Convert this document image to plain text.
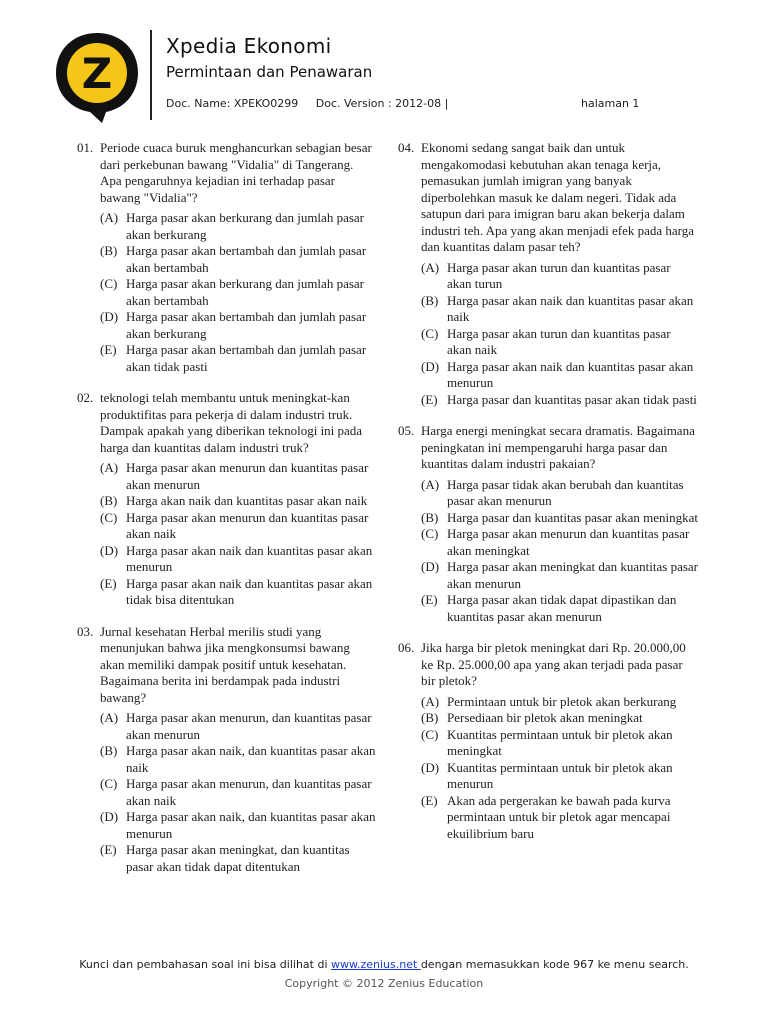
Z
Xpedia Ekonomi
Permintaan dan Penawaran
Doc. Name: XPEKO0299 Doc. Version : 2012-08 |	halaman 1
01. Periode cuaca buruk menghancurkan sebagian besar dari perkebunan bawang "Vidalia" di Tangerang. Apa pengaruhnya kejadian ini terhadap pasar bawang "Vidalia"?
(A) Harga pasar akan berkurang dan jumlah pasar akan berkurang
(B) Harga pasar akan bertambah dan jumlah pasar akan bertambah
(C) Harga pasar akan berkurang dan jumlah pasar akan bertambah
(D) Harga pasar akan bertambah dan jumlah pasar akan berkurang
(E) Harga pasar akan bertambah dan jumlah pasar akan tidak pasti
02. teknologi telah membantu untuk meningkat-kan produktifitas para pekerja di dalam industri truk. Dampak apakah yang diberikan teknologi ini pada harga dan kuantitas dalam industri truk?
(A) Harga pasar akan menurun dan kuantitas pasar akan menurun
(B) Harga akan naik dan kuantitas pasar akan naik
(C) Harga pasar akan menurun dan kuantitas pasar akan naik
(D) Harga pasar akan naik dan kuantitas pasar akan menurun
(E) Harga pasar akan naik dan kuantitas pasar akan tidak bisa ditentukan
03. Jurnal kesehatan Herbal merilis studi yang menunjukan bahwa jika mengkonsumsi bawang akan memiliki dampak positif untuk kesehatan. Bagaimana berita ini berdampak pada industri bawang?
(A) Harga pasar akan menurun, dan kuantitas pasar akan menurun
(B) Harga pasar akan naik, dan kuantitas pasar akan naik
(C) Harga pasar akan menurun, dan kuantitas pasar akan naik
(D) Harga pasar akan naik, dan kuantitas pasar akan menurun
(E) Harga pasar akan meningkat, dan kuantitas pasar akan tidak dapat ditentukan
04. Ekonomi sedang sangat baik dan untuk mengakomodasi kebutuhan akan tenaga kerja, pemasukan jumlah imigran yang banyak diperbolehkan masuk ke dalam negeri. Tidak ada satupun dari para imigran baru akan bekerja dalam industri teh. Apa yang akan menjadi efek pada harga dan kuantitas dalam pasar teh?
(A) Harga pasar akan turun dan kuantitas pasar akan turun
(B) Harga pasar akan naik dan kuantitas pasar akan naik
(C) Harga pasar akan turun dan kuantitas pasar akan naik
(D) Harga pasar akan naik dan kuantitas pasar akan menurun
(E) Harga pasar dan kuantitas pasar akan tidak pasti
05. Harga energi meningkat secara dramatis. Bagaimana peningkatan ini mempengaruhi harga pasar dan kuantitas dalam industri pakaian?
(A) Harga pasar tidak akan berubah dan kuantitas pasar akan menurun
(B) Harga pasar dan kuantitas pasar akan meningkat
(C) Harga pasar akan menurun dan kuantitas pasar akan meningkat
(D) Harga pasar akan meningkat dan kuantitas pasar akan menurun
(E) Harga pasar akan tidak dapat dipastikan dan kuantitas pasar akan menurun
06. Jika harga bir pletok meningkat dari Rp. 20.000,00 ke Rp. 25.000,00 apa yang akan terjadi pada pasar bir pletok?
(A) Permintaan untuk bir pletok akan berkurang
(B) Persediaan bir pletok akan meningkat
(C) Kuantitas permintaan untuk bir pletok akan meningkat
(D) Kuantitas permintaan untuk bir pletok akan menurun
(E) Akan ada pergerakan ke bawah pada kurva permintaan untuk bir pletok agar mencapai ekuilibrium baru
Kunci dan pembahasan soal ini bisa dilihat di www.zenius.net dengan memasukkan kode 967 ke menu search.
Copyright © 2012 Zenius Education
